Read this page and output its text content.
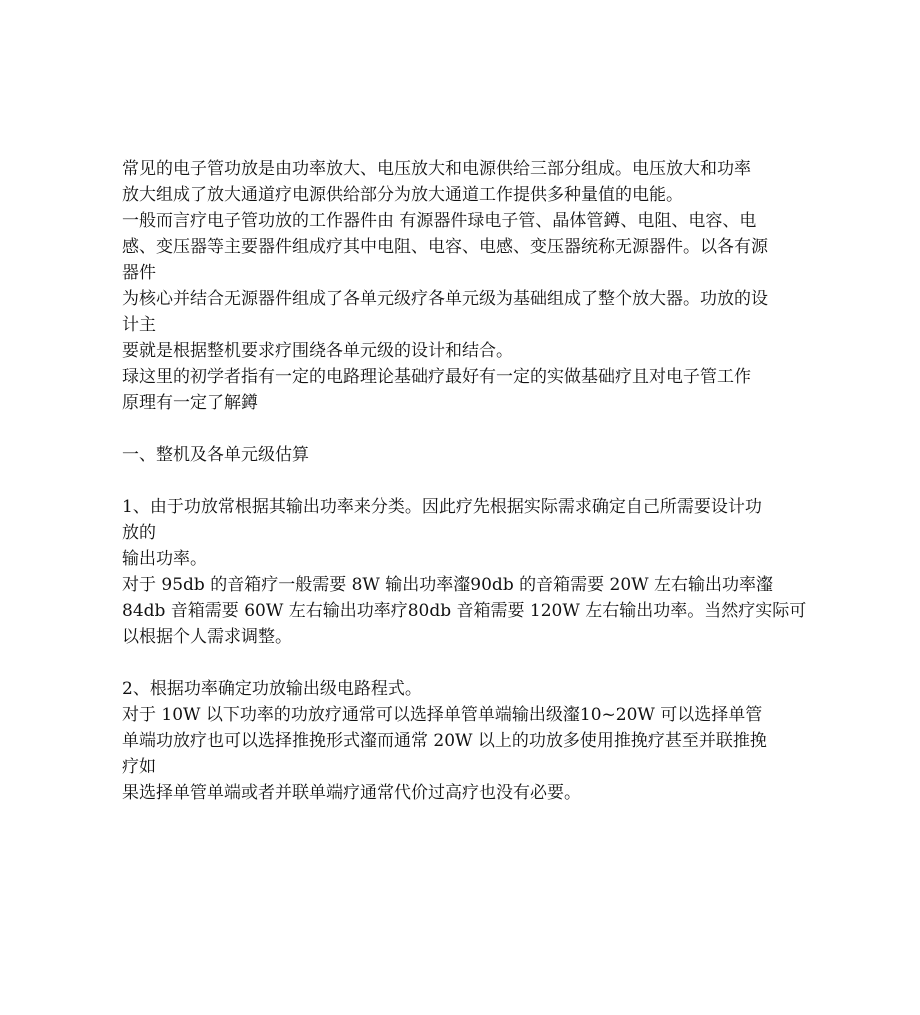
常见的电子管功放是由功率放大、电压放大和电源供给三部分组成。电压放大和功率
放大组成了放大通道疗电源供给部分为放大通道工作提供多种量值的电能。
一般而言疗电子管功放的工作器件由 有源器件琭电子管、晶体管鐏、电阻、电容、电
感、变压器等主要器件组成疗其中电阻、电容、电感、变压器统称无源器件。以各有源
器件
为核心并结合无源器件组成了各单元级疗各单元级为基础组成了整个放大器。功放的设
计主
要就是根据整机要求疗围绕各单元级的设计和结合。
琭这里的初学者指有一定的电路理论基础疗最好有一定的实做基础疗且对电子管工作
原理有一定了解鐏
一、整机及各单元级估算
1、由于功放常根据其输出功率来分类。因此疗先根据实际需求确定自己所需要设计功
放的
输出功率。
对于 95db 的音箱疗一般需要 8W 输出功率瀣90db 的音箱需要 20W 左右输出功率瀣
84db 音箱需要 60W 左右输出功率疗80db 音箱需要 120W 左右输出功率。当然疗实际可
以根据个人需求调整。
2、根据功率确定功放输出级电路程式。
对于 10W 以下功率的功放疗通常可以选择单管单端输出级瀣10~20W 可以选择单管
单端功放疗也可以选择推挽形式瀣而通常 20W 以上的功放多使用推挽疗甚至并联推挽
疗如
果选择单管单端或者并联单端疗通常代价过高疗也没有必要。
